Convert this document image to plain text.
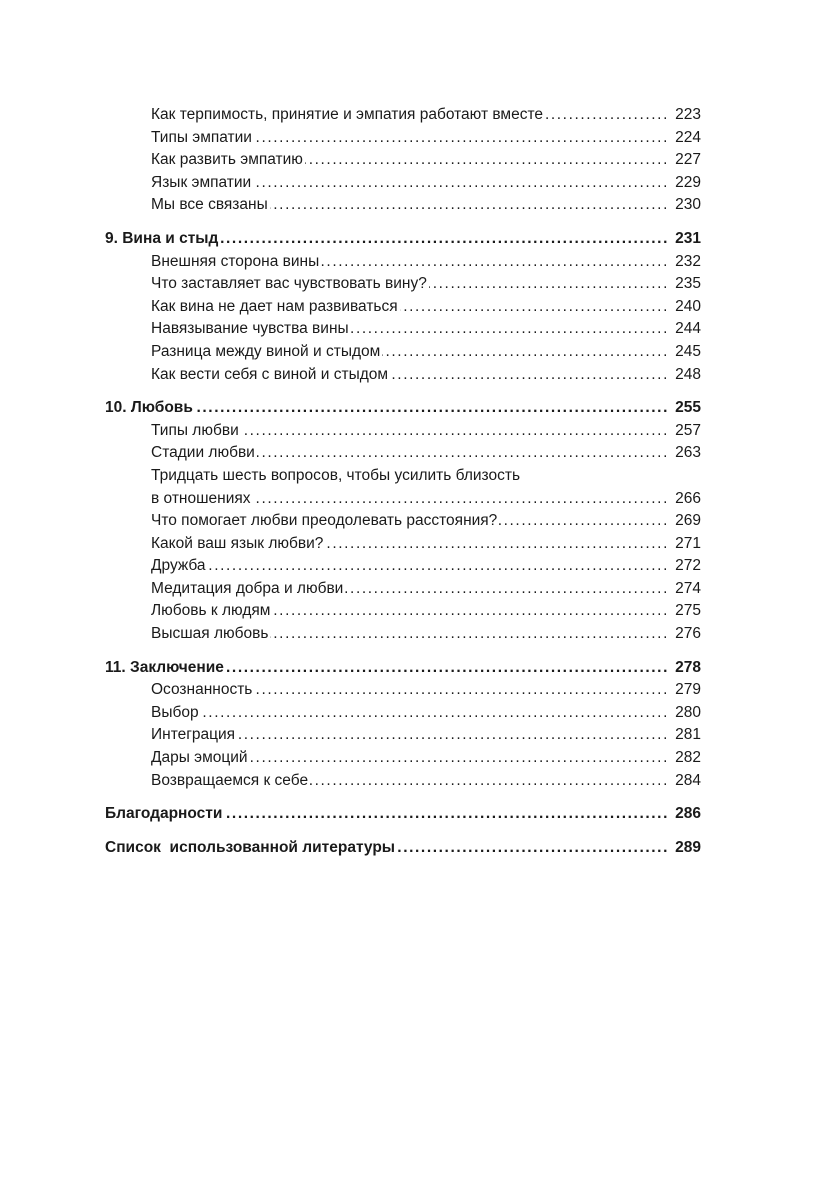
Как терпимость, принятие и эмпатия работают вместе .....	223
Типы эмпатии .....	224
Как развить эмпатию .....	227
Язык эмпатии .....	229
Мы все связаны .....	230
9. Вина и стыд .....	231
Внешняя сторона вины .....	232
Что заставляет вас чувствовать вину? .....	235
Как вина не дает нам развиваться .....	240
Навязывание чувства вины .....	244
Разница между виной и стыдом .....	245
Как вести себя с виной и стыдом .....	248
10. Любовь .....	255
Типы любви .....	257
Стадии любви .....	263
Тридцать шесть вопросов, чтобы усилить близость
в отношениях .....	266
Что помогает любви преодолевать расстояния? .....	269
Какой ваш язык любви? .....	271
Дружба .....	272
Медитация добра и любви .....	274
Любовь к людям .....	275
Высшая любовь .....	276
11. Заключение .....	278
Осознанность .....	279
Выбор .....	280
Интеграция .....	281
Дары эмоций .....	282
Возвращаемся к себе .....	284
Благодарности .....	286
Список  использованной литературы .....	289
